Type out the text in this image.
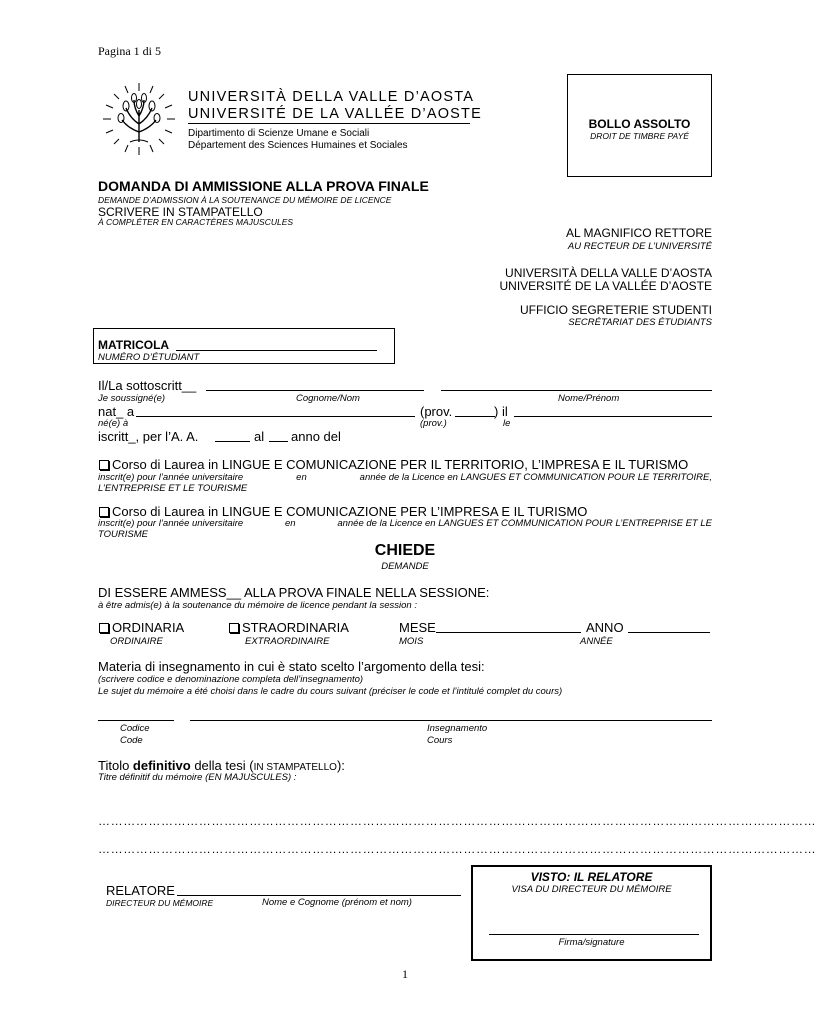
Pagina 1 di 5
UNIVERSITÀ DELLA VALLE D’AOSTA
UNIVERSITÉ DE LA VALLÉE D’AOSTE
Dipartimento di Scienze Umane e Sociali
Département des Sciences Humaines et Sociales
BOLLO ASSOLTO
DROIT DE TIMBRE PAYÉ
DOMANDA DI AMMISSIONE ALLA PROVA FINALE
DEMANDE D’ADMISSION À LA SOUTENANCE DU MÉMOIRE DE LICENCE
SCRIVERE IN STAMPATELLO
À COMPLÉTER EN CARACTÈRES MAJUSCULES
AL MAGNIFICO RETTORE
AU RECTEUR DE L’UNIVERSITÉ
UNIVERSITÀ DELLA VALLE D’AOSTA
UNIVERSITÉ DE LA VALLÉE D’AOSTE
UFFICIO SEGRETERIE STUDENTI
SECRÉTARIAT DES ÉTUDIANTS
MATRICOLA
NUMÉRO D’ÉTUDIANT
Il/La sottoscritt__
Je soussigné(e)	Cognome/Nom	Nome/Prénom
nat_ a	(prov.	) il
né(e) à	(prov.)	le
iscritt_, per l’A. A.	al anno del
Corso di Laurea in LINGUE E COMUNICAZIONE PER IL TERRITORIO, L’IMPRESA E IL TURISMO
inscrit(e) pour l’année universitaire	en	année de la Licence en LANGUES ET COMMUNICATION POUR LE TERRITOIRE,
L’ENTREPRISE ET LE TOURISME
Corso di Laurea in LINGUE E COMUNICAZIONE PER L’IMPRESA E IL TURISMO
inscrit(e) pour l’année universitaire	en	année de la Licence en LANGUES ET COMMUNICATION POUR L’ENTREPRISE ET LE
TOURISME
CHIEDE
DEMANDE
DI ESSERE AMMESS__ ALLA PROVA FINALE NELLA SESSIONE:
à être admis(e) à la soutenance du mémoire de licence pendant la session :
ORDINARIA
ORDINAIRE
STRAORDINARIA
EXTRAORDINAIRE
MESE
MOIS
ANNO
ANNÉE
Materia di insegnamento in cui è stato scelto l’argomento della tesi:
(scrivere codice e denominazione completa dell’insegnamento)
Le sujet du mémoire a été choisi dans le cadre du cours suivant (préciser le code et l’intitulé complet du cours)
Codice
Code
Insegnamento
Cours
Titolo definitivo della tesi (IN STAMPATELLO):
Titre définitif du mémoire (EN MAJUSCULES) :
………………………………………………………………………………………………………………………………………………………
………………………………………………………………………………………………………………………………………………………
RELATORE
DIRECTEUR DU MÉMOIRE	Nome e Cognome (prénom et nom)
VISTO: IL RELATORE
VISA DU DIRECTEUR DU MÉMOIRE
Firma/signature
1
